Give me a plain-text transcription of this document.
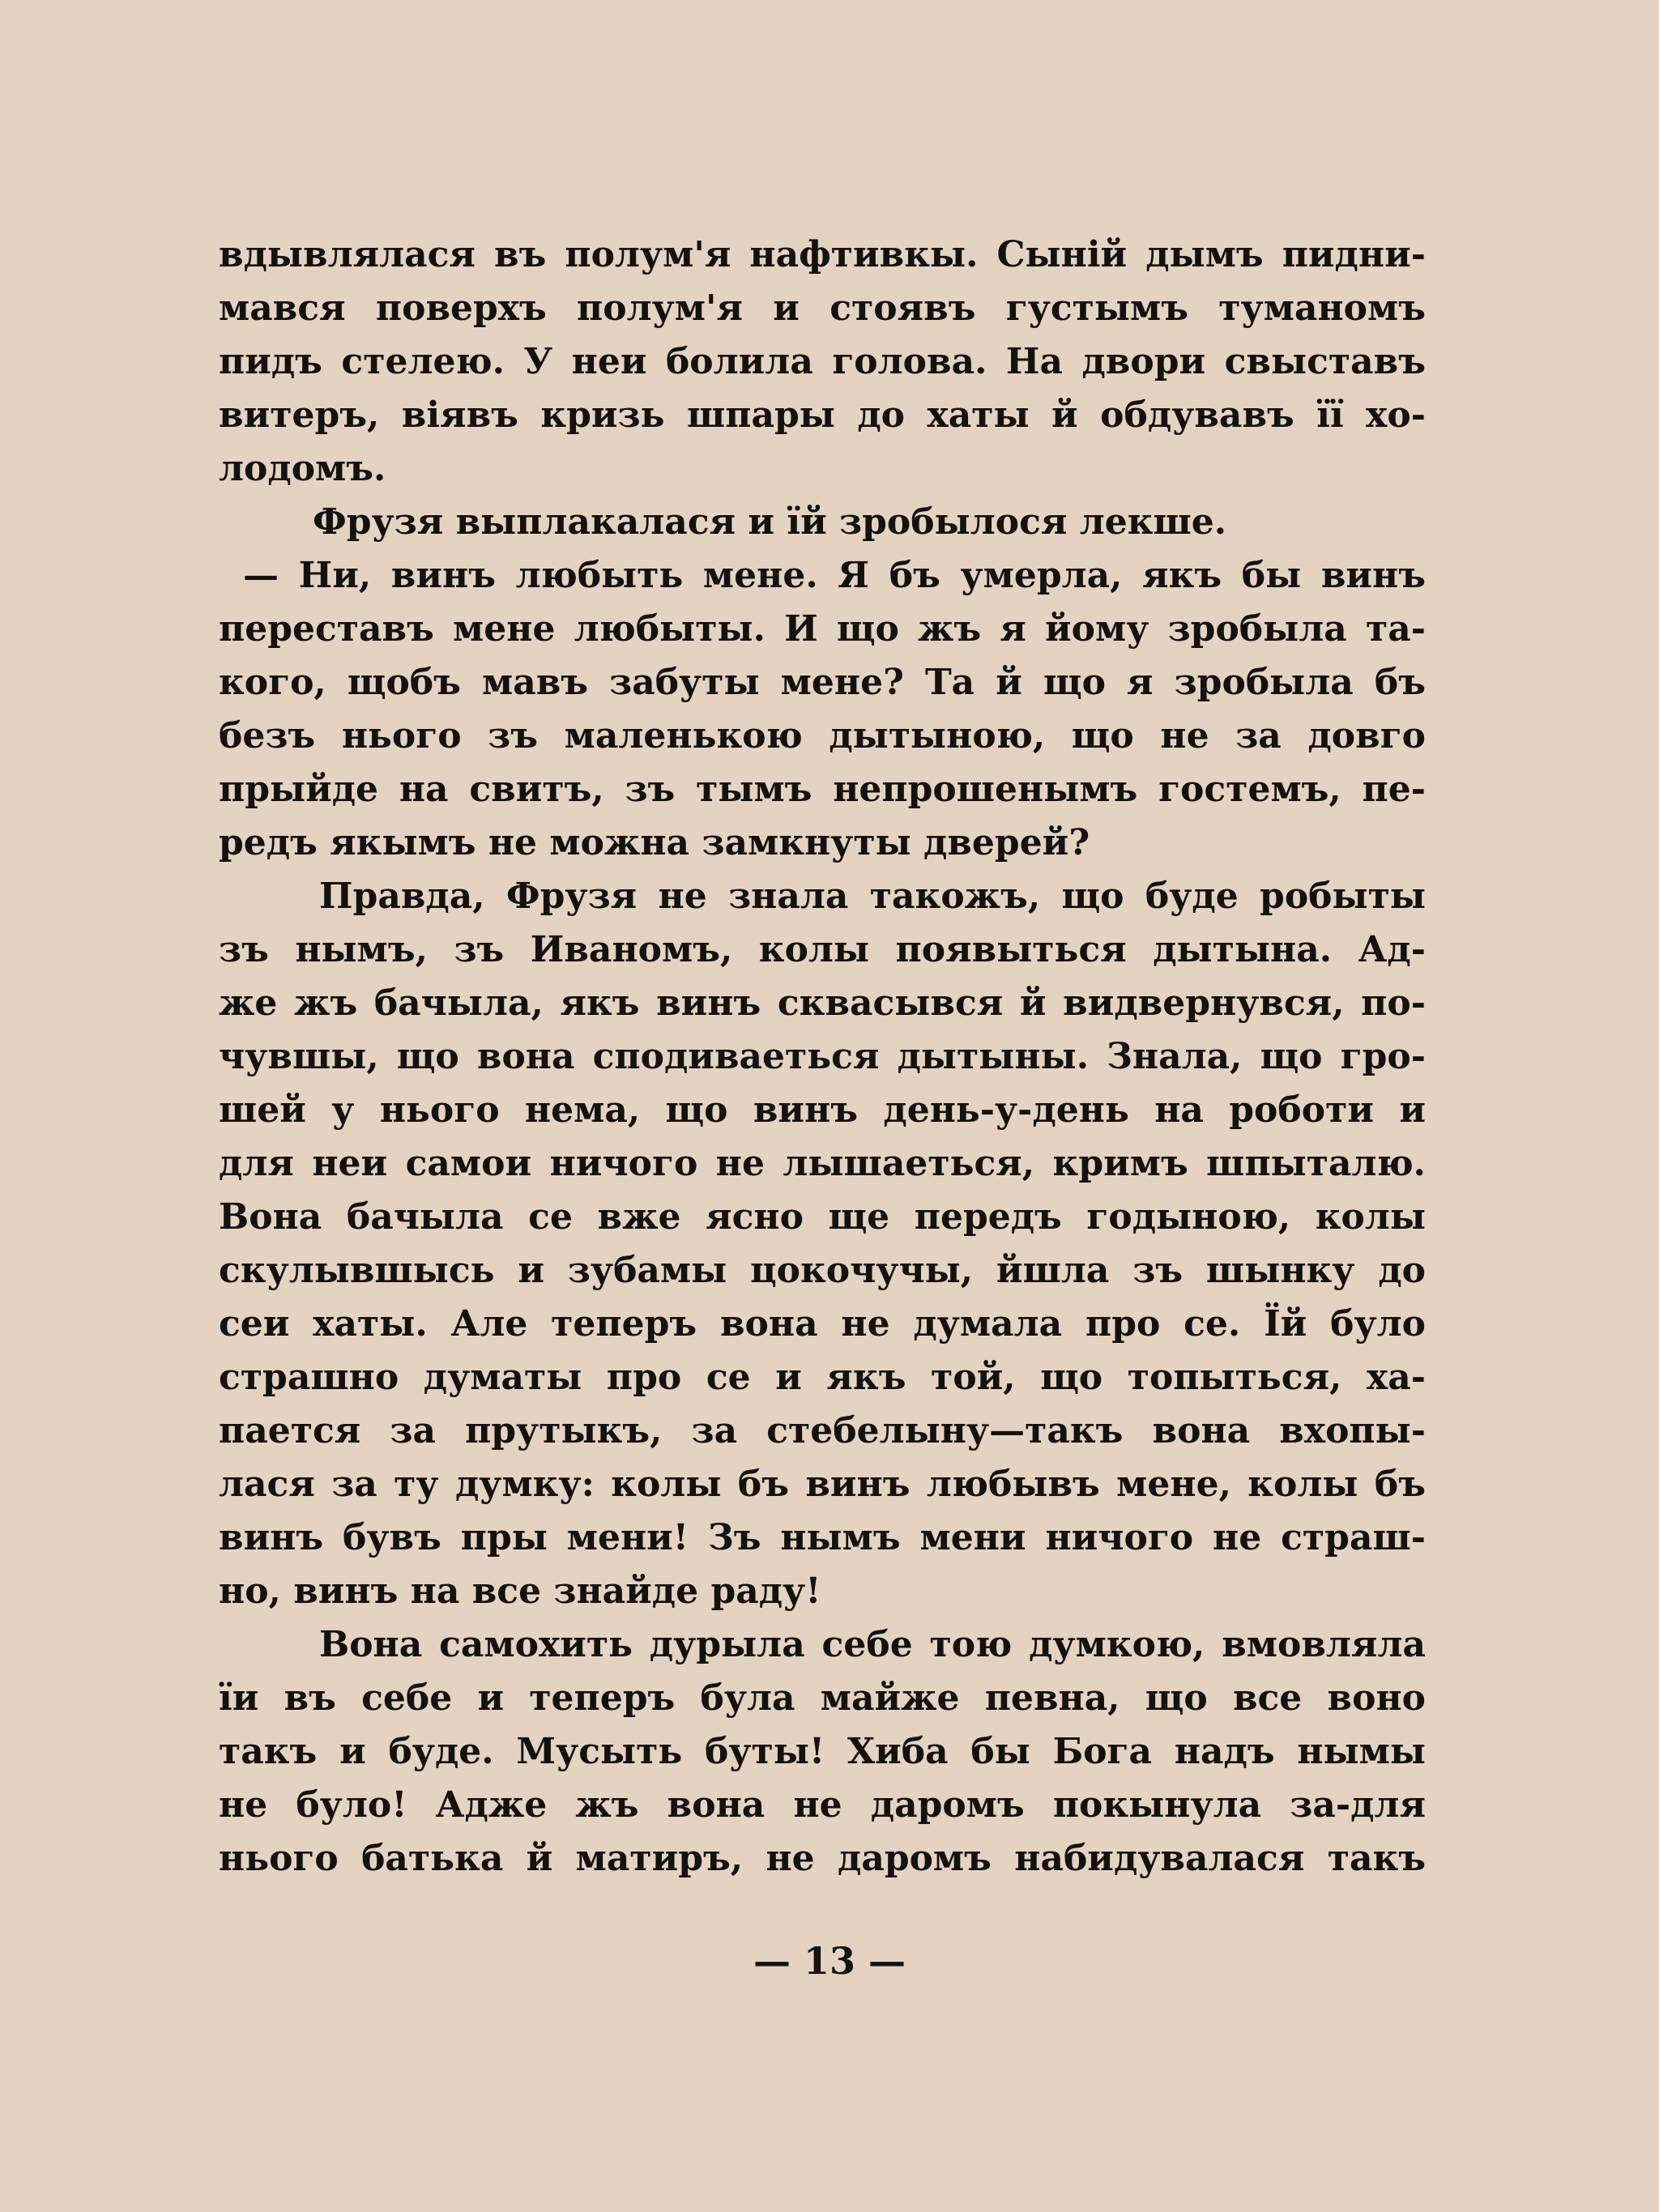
вдывлялася въ полум'я нафтивкы. Сыній дымъ пидни-
мався поверхъ полум'я и стоявъ густымъ туманомъ
пидъ стелею. У неи болила голова. На двори свыставъ
витеръ, віявъ кризь шпары до хаты й обдувавъ її хо-
лодомъ.
Фрузя выплакалася и їй зробылося лекше.
— Ни, винъ любыть мене. Я бъ умерла, якъ бы винъ
переставъ мене любыты. И що жъ я йому зробыла та-
кого, щобъ мавъ забуты мене? Та й що я зробыла бъ
безъ нього зъ маленькою дытыною, що не за довго
прыйде на свитъ, зъ тымъ непрошенымъ гостемъ, пе-
редъ якымъ не можна замкнуты дверей?
Правда, Фрузя не знала такожъ, що буде робыты
зъ нымъ, зъ Иваномъ, колы появыться дытына. Ад-
же жъ бачыла, якъ винъ сквасывся й видвернувся, по-
чувшы, що вона сподиваеться дытыны. Знала, що гро-
шей у нього немa, що винъ день-у-день на роботи и
для неи самои ничого не лышаеться, кримъ шпыталю.
Вона бачыла се вже ясно ще передъ годыною, колы
скулывшысь и зубамы цокочучы, йшла зъ шынку до
сеи хаты. Але теперъ вона не думала про се. Їй було
страшно думаты про се и якъ той, що топыться, ха-
пается за прутыкъ, за стебелыну—такъ вона вхопы-
лася за ту думку: колы бъ винъ любывъ мене, колы бъ
винъ бувъ пры мени! Зъ нымъ мени ничого не страш-
но, винъ на все знайде раду!
Вона самохить дурыла себе тою думкою, вмовляла
їи въ себе и теперъ була майже певна, що все воно
такъ и буде. Мусыть буты! Хиба бы Бога надъ нымы
не було! Адже жъ вона не даромъ покынула за-для
нього батька й матиръ, не даромъ набидувалася такъ
— 13 —
